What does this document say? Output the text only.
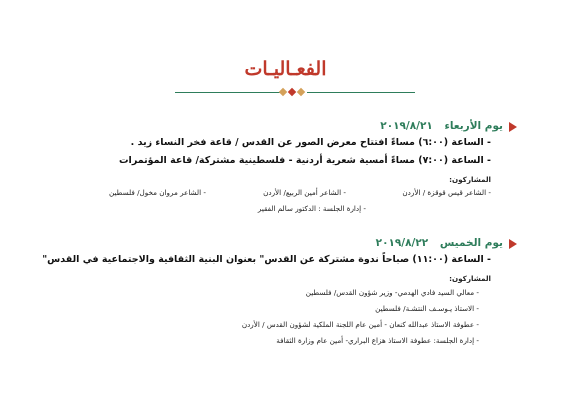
الفعـاليـات
يوم الأربعاء ٢٠١٩/٨/٢١
- الساعة (٦:٠٠) مساءً افتتاح معرض الصور عن القدس / قاعة فخر النساء زيد .
- الساعة (٧:٠٠) مساءً أمسية شعرية أردنية - فلسطينية مشتركة/ قاعة المؤتمرات
المشاركون:
- الشاعر قيس قوقزة / الأردن
- الشاعر أمين الربيع/ الأردن
- الشاعر مروان مخول/ فلسطين
- إدارة الجلسة : الدكتور سالم الفقير
يوم الخميس ٢٠١٩/٨/٢٢
- الساعة (١١:٠٠) صباحاً ندوة مشتركة عن القدس" بعنوان البنية الثقافية والاجتماعية في القدس"
المشاركون:
- معالي السيد فادي الهدمي- وزير شؤون القدس/ فلسطين
- الاستاذ يـوسـف النتشـة/ فلسطين
- عطوفة الاستاذ عبدالله كنعان - أمين عام اللجنة الملكية لشؤون القدس / الأردن
- إدارة الجلسة: عطوفة الاستاذ هزاع البراري- أمين عام وزارة الثقافة
